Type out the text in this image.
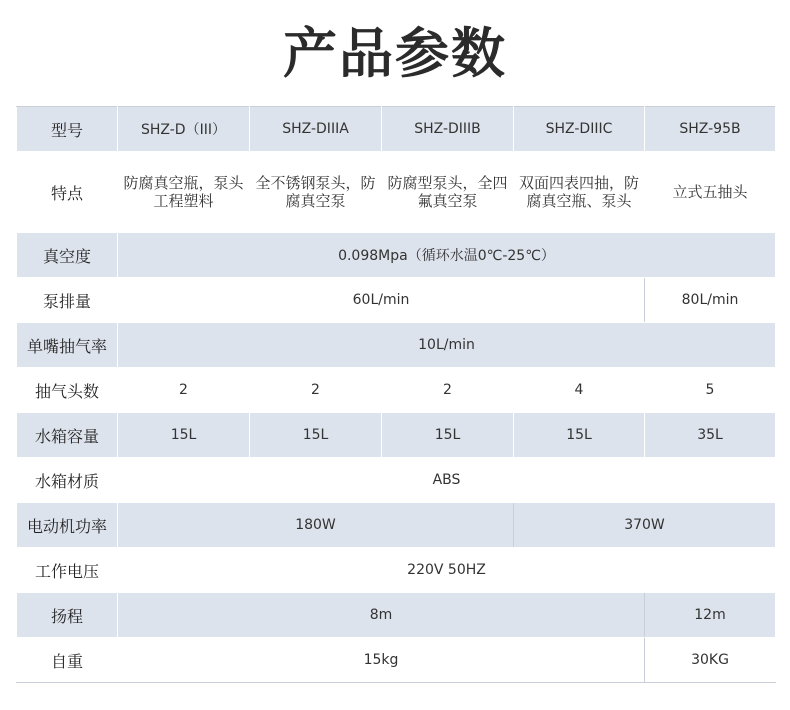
产品参数
型号	SHZ-D（III）	SHZ-DIIIA	SHZ-DIIIB	SHZ-DIIIC	SHZ-95B
特点	防腐真空瓶，泵头工程塑料	全不锈钢泵头，防腐真空泵	防腐型泵头，全四氟真空泵	双面四表四抽，防腐真空瓶、泵头	立式五抽头
真空度	0.098Mpa（循环水温0℃-25℃）				
泵排量	60L/min				80L/min
单嘴抽气率	10L/min				
抽气头数	2	2	2	4	5
水箱容量	15L	15L	15L	15L	35L
水箱材质	ABS				
电动机功率	180W			370W	
工作电压	220V 50HZ				
扬程	8m				12m
自重	15kg				30KG
